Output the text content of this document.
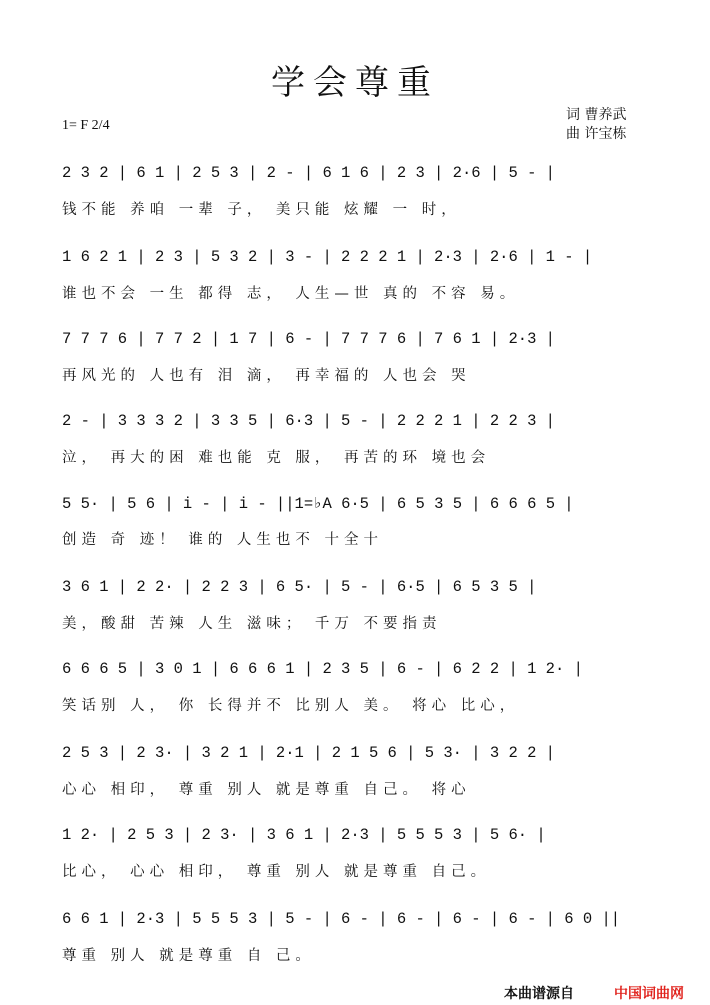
学会尊重
1= F 2/4
词 曹养武
曲 许宝栋
2 3 2 | 6 1 | 2 5 3 | 2 - | 6 1 6 | 2 3 | 2·6 | 5 - |
钱不能 养咱 一辈 子， 美只能 炫耀 一 时，
1 6 2 1 | 2 3 | 5 3 2 | 3 - | 2 2 2 1 | 2·3 | 2·6 | 1 - |
谁也不会 一生 都得 志， 人生—世 真的 不容 易。
7 7 7 6 | 7 7 2 | 1 7 | 6 - | 7 7 7 6 | 7 6 1 | 2·3 |
再风光的 人也有 泪 滴， 再幸福的 人也会 哭
2 - | 3 3 3 2 | 3 3 5 | 6·3 | 5 - | 2 2 2 1 | 2 2 3 |
泣， 再大的困 难也能 克 服， 再苦的环 境也会
5 5· | 5 6 | i - | i - ||1=♭A 6·5 | 6 5 3 5 | 6 6 6 5 |
创造 奇 迹！ 谁的 人生也不 十全十
3 6 1 | 2 2· | 2 2 3 | 6 5· | 5 - | 6·5 | 6 5 3 5 |
美，酸甜 苦辣 人生 滋味； 千万 不要指责
6 6 6 5 | 3 0 1 | 6 6 6 1 | 2 3 5 | 6 - | 6 2 2 | 1 2· |
笑话别 人， 你 长得并不 比别人 美。 将心 比心，
2 5 3 | 2 3· | 3 2 1 | 2·1 | 2 1 5 6 | 5 3· | 3 2 2 |
心心 相印， 尊重 别人 就是尊重 自己。 将心
1 2· | 2 5 3 | 2 3· | 3 6 1 | 2·3 | 5 5 5 3 | 5 6· |
比心， 心心 相印， 尊重 别人 就是尊重 自己。
6 6 1 | 2·3 | 5 5 5 3 | 5 - | 6 - | 6 - | 6 - | 6 - | 6 0 ||
尊重 别人 就是尊重 自 己。
本曲谱源自	中国词曲网
